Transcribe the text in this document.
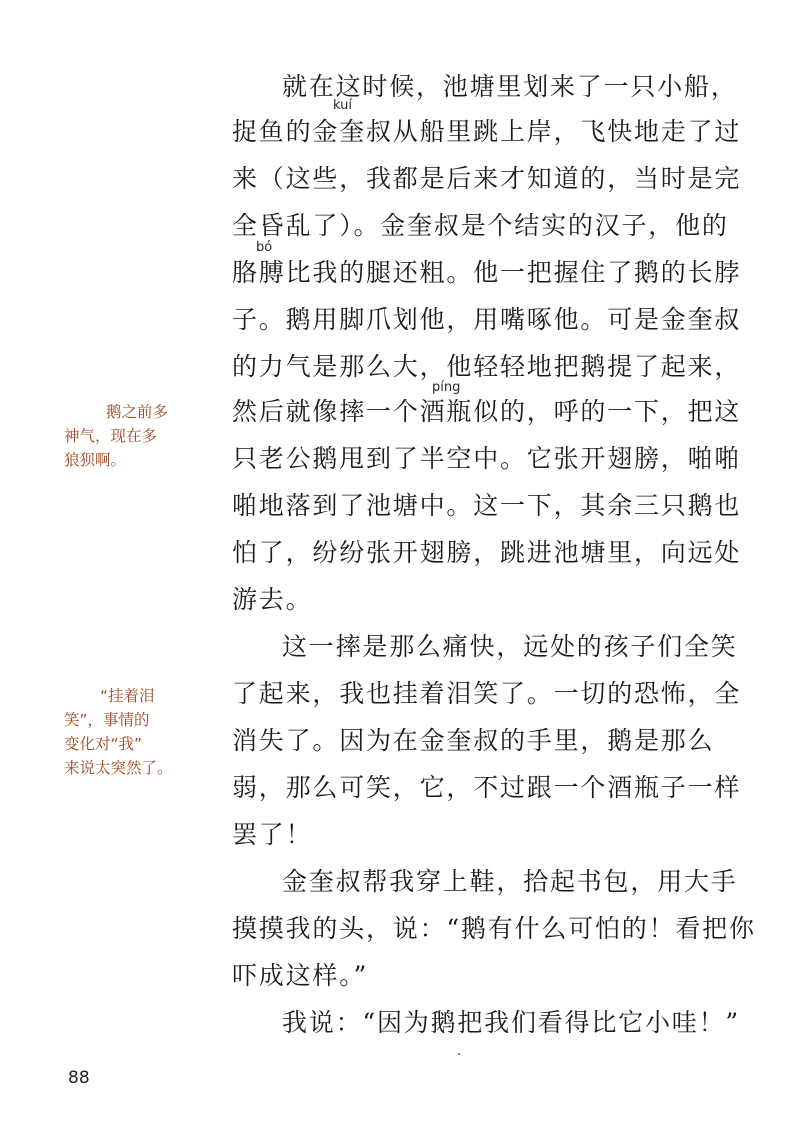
kuí
bó
píng
就在这时候，池塘里划来了一只小船，
捉鱼的金奎叔从船里跳上岸，飞快地走了过
来（这些，我都是后来才知道的，当时是完
全昏乱了）。金奎叔是个结实的汉子，他的
胳膊比我的腿还粗。他一把握住了鹅的长脖
子。鹅用脚爪划他，用嘴啄他。可是金奎叔
的力气是那么大，他轻轻地把鹅提了起来，
然后就像摔一个酒瓶似的，呼的一下，把这
只老公鹅甩到了半空中。它张开翅膀，啪啪
啪地落到了池塘中。这一下，其余三只鹅也
怕了，纷纷张开翅膀，跳进池塘里，向远处
游去。
这一摔是那么痛快，远处的孩子们全笑
了起来，我也挂着泪笑了。一切的恐怖，全
消失了。因为在金奎叔的手里，鹅是那么
弱，那么可笑，它，不过跟一个酒瓶子一样
罢了！
金奎叔帮我穿上鞋，拾起书包，用大手
摸摸我的头，说：“鹅有什么可怕的！看把你
吓成这样。”
我说：“因为鹅把我们看得比它小哇！”
鹅之前多
神气，现在多
狼狈啊。
“挂着泪
笑”，事情的
变化对“我”
来说太突然了。
88
